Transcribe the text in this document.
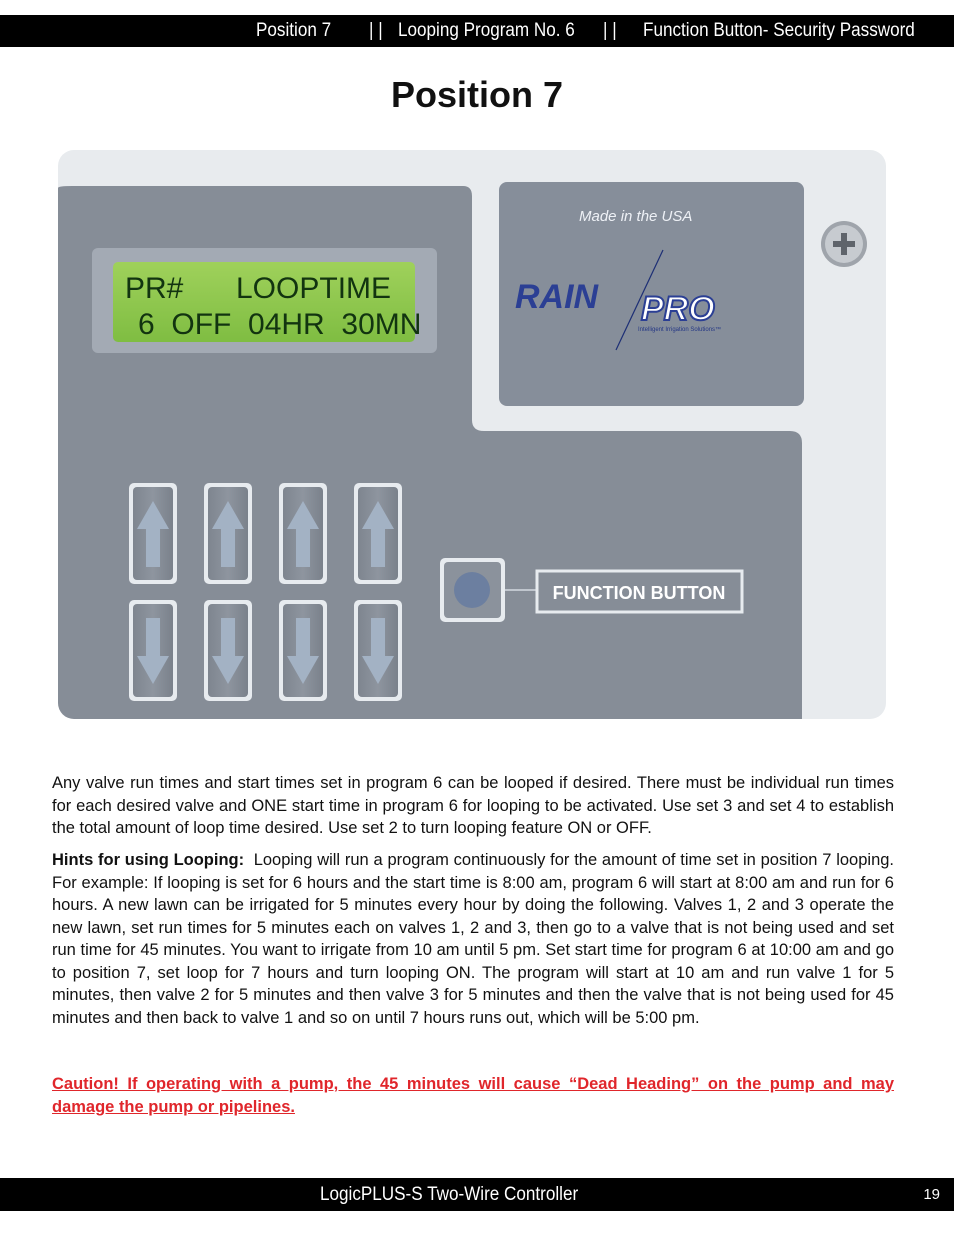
Position 7 | | Looping Program No. 6 | | Function Button- Security Password
Position 7
PR# LOOPTIME
6  OFF  04HR  30MN
Made in the USA
RAIN PRO
Intelligent Irrigation Solutions™
FUNCTION BUTTON

Any valve run times and start times set in program 6 can be looped if desired. There must be individual run times for each desired valve and ONE start time in program 6 for looping to be activated. Use set 3 and set 4 to establish the total amount of loop time desired. Use set 2 to turn looping feature ON or OFF.

Hints for using Looping: Looping will run a program continuously for the amount of time set in position 7 looping. For example: If looping is set for 6 hours and the start time is 8:00 am, program 6 will start at 8:00 am and run for 6 hours. A new lawn can be irrigated for 5 minutes every hour by doing the following. Valves 1, 2 and 3 operate the new lawn, set run times for 5 minutes each on valves 1, 2 and 3, then go to a valve that is not being used and set run time for 45 minutes. You want to irrigate from 10 am until 5 pm. Set start time for program 6 at 10:00 am and go to position 7, set loop for 7 hours and turn looping ON. The program will start at 10 am and run valve 1 for 5 minutes, then valve 2 for 5 minutes and then valve 3 for 5 minutes and then the valve that is not being used for 45 minutes and then back to valve 1 and so on until 7 hours runs out, which will be 5:00 pm.

Caution! If operating with a pump, the 45 minutes will cause “Dead Heading” on the pump and may damage the pump or pipelines.

LogicPLUS-S Two-Wire Controller	19
